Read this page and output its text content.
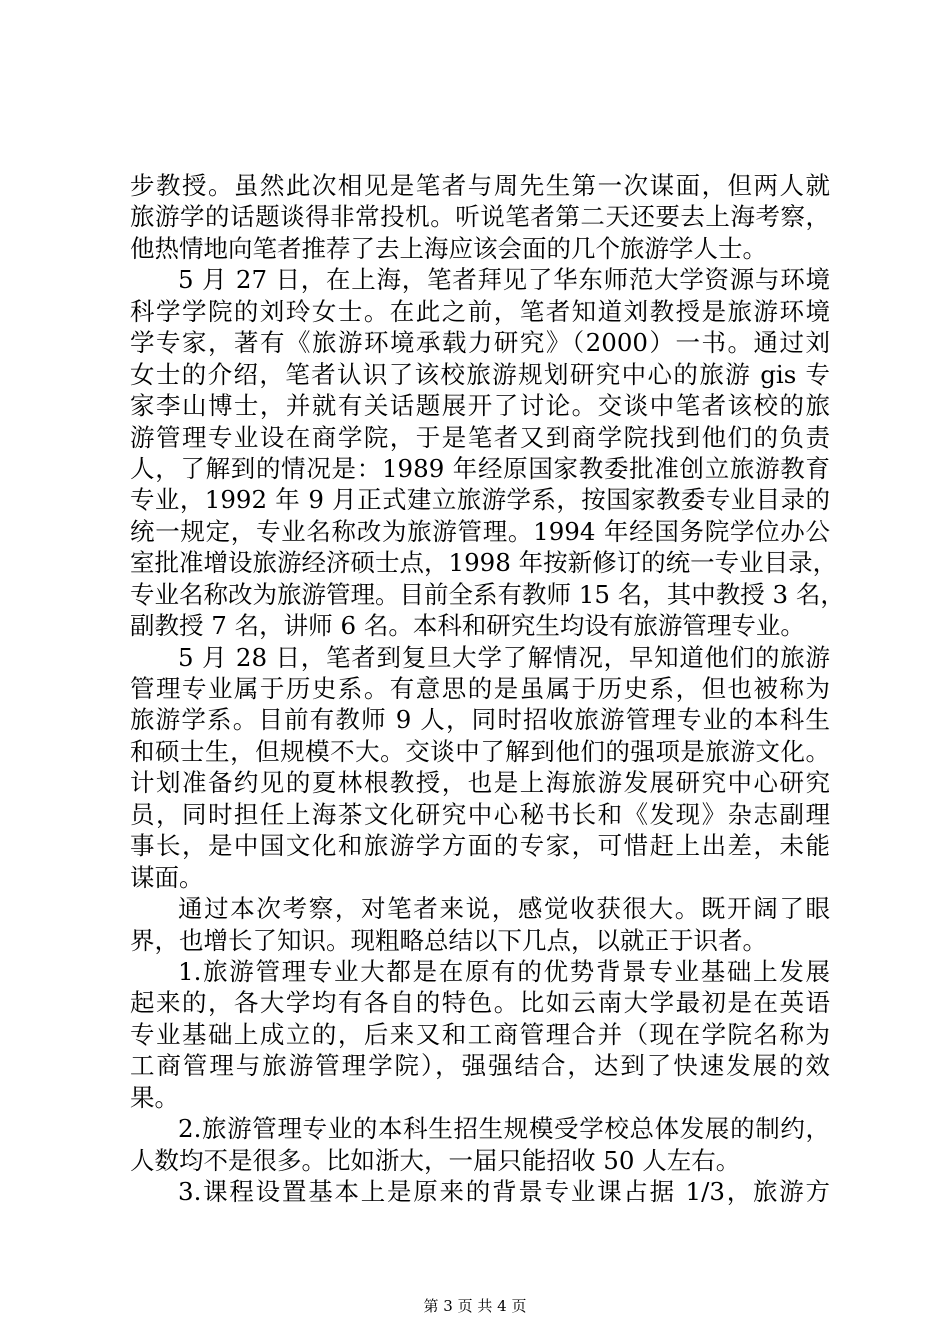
步教授。虽然此次相见是笔者与周先生第一次谋面，但两人就
旅游学的话题谈得非常投机。听说笔者第二天还要去上海考察，
他热情地向笔者推荐了去上海应该会面的几个旅游学人士。
5 月 27 日，在上海，笔者拜见了华东师范大学资源与环境
科学学院的刘玲女士。在此之前，笔者知道刘教授是旅游环境
学专家，著有《旅游环境承载力研究》（2000）一书。通过刘
女士的介绍，笔者认识了该校旅游规划研究中心的旅游 gis 专
家李山博士，并就有关话题展开了讨论。交谈中笔者该校的旅
游管理专业设在商学院，于是笔者又到商学院找到他们的负责
人，了解到的情况是：1989 年经原国家教委批准创立旅游教育
专业，1992 年 9 月正式建立旅游学系，按国家教委专业目录的
统一规定，专业名称改为旅游管理。1994 年经国务院学位办公
室批准增设旅游经济硕士点，1998 年按新修订的统一专业目录，
专业名称改为旅游管理。目前全系有教师 15 名，其中教授 3 名，
副教授 7 名，讲师 6 名。本科和研究生均设有旅游管理专业。
5 月 28 日，笔者到复旦大学了解情况，早知道他们的旅游
管理专业属于历史系。有意思的是虽属于历史系，但也被称为
旅游学系。目前有教师 9 人，同时招收旅游管理专业的本科生
和硕士生，但规模不大。交谈中了解到他们的强项是旅游文化。
计划准备约见的夏林根教授，也是上海旅游发展研究中心研究
员，同时担任上海茶文化研究中心秘书长和《发现》杂志副理
事长，是中国文化和旅游学方面的专家，可惜赶上出差，未能
谋面。
通过本次考察，对笔者来说，感觉收获很大。既开阔了眼
界，也增长了知识。现粗略总结以下几点，以就正于识者。
1.旅游管理专业大都是在原有的优势背景专业基础上发展
起来的，各大学均有各自的特色。比如云南大学最初是在英语
专业基础上成立的，后来又和工商管理合并（现在学院名称为
工商管理与旅游管理学院），强强结合，达到了快速发展的效
果。
2.旅游管理专业的本科生招生规模受学校总体发展的制约，
人数均不是很多。比如浙大，一届只能招收 50 人左右。
3.课程设置基本上是原来的背景专业课占据 1/3，旅游方
第 3 页 共 4 页
